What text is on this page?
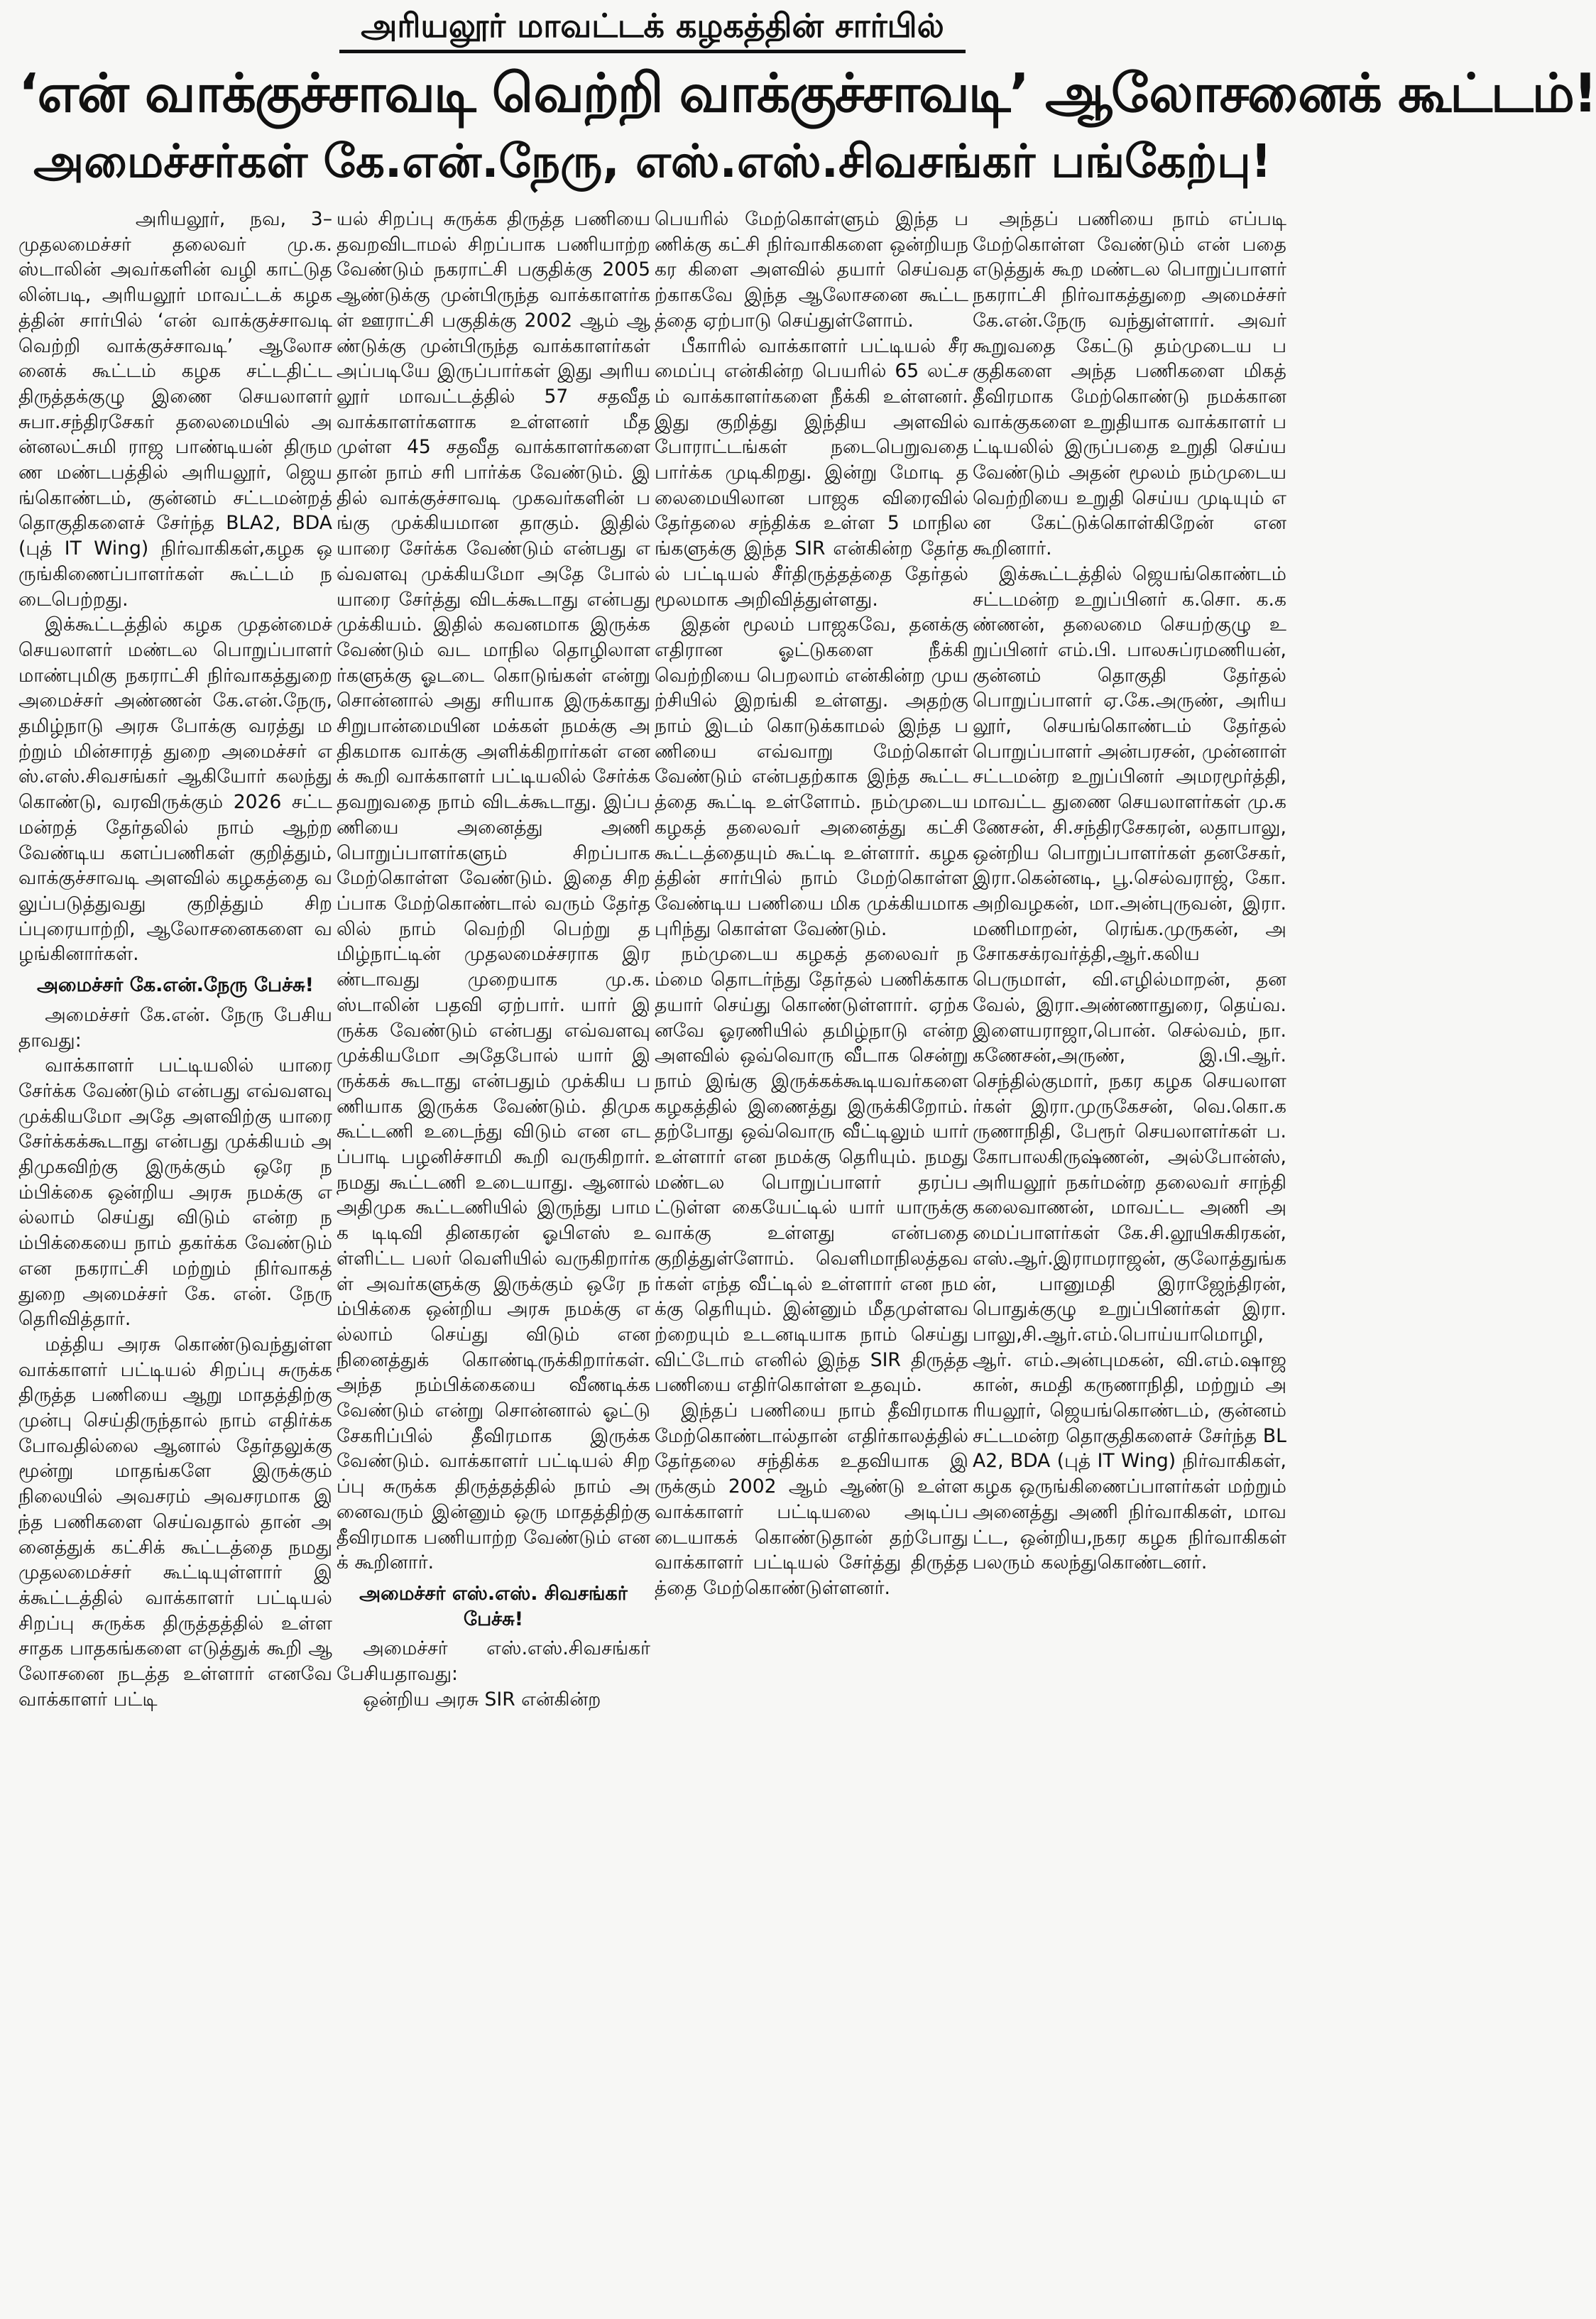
அரியலூர் மாவட்டக் கழகத்தின் சார்பில்
‘என் வாக்குச்சாவடி வெற்றி வாக்குச்சாவடி’ ஆலோசனைக் கூட்டம்!
அமைச்சர்கள் கே.என்.நேரு, எஸ்.எஸ்.சிவசங்கர் பங்கேற்பு!

அரியலூர், நவ, 3– முதலமைச்சர் தலைவர் மு.க.ஸ்டாலின் அவர்களின் வழி காட்டுதலின்படி, அரியலூர் மாவட்டக் கழகத்தின் சார்பில் ‘என் வாக்குச்சாவடி வெற்றி வாக்குச்சாவடி’ ஆலோசனைக் கூட்டம் கழக சட்டதிட்ட திருத்தக்குழு இணை செயலாளர் சுபா.சந்திரசேகர் தலைமையில் அன்னலட்சுமி ராஜ பாண்டியன் திருமண மண்டபத்தில் அரியலூர், ஜெயங்கொண்டம், குன்னம் சட்டமன்றத் தொகுதிகளைச் சேர்ந்த BLA2, BDA (புத் IT Wing) நிர்வாகிகள்,கழக ஒருங்கிணைப்பாளர்கள் கூட்டம் நடைபெற்றது.

இக்கூட்டத்தில் கழக முதன்மைச் செயலாளர் மண்டல பொறுப்பாளர் மாண்புமிகு நகராட்சி நிர்வாகத்துறை அமைச்சர் அண்ணன் கே.என்.நேரு, தமிழ்நாடு அரசு போக்கு வரத்து மற்றும் மின்சாரத் துறை அமைச்சர் எஸ்.எஸ்.சிவசங்கர் ஆகியோர் கலந்து கொண்டு, வரவிருக்கும் 2026 சட்டமன்றத் தேர்தலில் நாம் ஆற்ற வேண்டிய களப்பணிகள் குறித்தும், வாக்குச்சாவடி அளவில் கழகத்தை வலுப்படுத்துவது குறித்தும் சிறப்புரையாற்றி, ஆலோசனைகளை வழங்கினார்கள்.

அமைச்சர் கே.என்.நேரு பேச்சு!

அமைச்சர் கே.என். நேரு பேசியதாவது:

வாக்காளர் பட்டியலில் யாரை சேர்க்க வேண்டும் என்பது எவ்வளவு முக்கியமோ அதே அளவிற்கு யாரை சேர்க்கக்கூடாது என்பது முக்கியம் அதிமுகவிற்கு இருக்கும் ஒரே நம்பிக்கை ஒன்றிய அரசு நமக்கு எல்லாம் செய்து விடும் என்ற நம்பிக்கையை நாம் தகர்க்க வேண்டும் என நகராட்சி மற்றும் நிர்வாகத் துறை அமைச்சர் கே. என். நேரு தெரிவித்தார்.

மத்திய அரசு கொண்டுவந்துள்ள வாக்காளர் பட்டியல் சிறப்பு சுருக்க திருத்த பணியை ஆறு மாதத்திற்கு முன்பு செய்திருந்தால் நாம் எதிர்க்க போவதில்லை ஆனால் தேர்தலுக்கு மூன்று மாதங்களே இருக்கும் நிலையில் அவசரம் அவசரமாக இந்த பணிகளை செய்வதால் தான் அனைத்துக் கட்சிக் கூட்டத்தை நமது முதலமைச்சர் கூட்டியுள்ளார் இக்கூட்டத்தில் வாக்காளர் பட்டியல் சிறப்பு சுருக்க திருத்தத்தில் உள்ள சாதக பாதகங்களை எடுத்துக் கூறி ஆலோசனை நடத்த உள்ளார் எனவே வாக்காளர் பட்டி

யல் சிறப்பு சுருக்க திருத்த பணியை தவறவிடாமல் சிறப்பாக பணியாற்ற வேண்டும் நகராட்சி பகுதிக்கு 2005 ஆண்டுக்கு முன்பிருந்த வாக்காளர்கள் ஊராட்சி பகுதிக்கு 2002 ஆம் ஆண்டுக்கு முன்பிருந்த வாக்காளர்கள் அப்படியே இருப்பார்கள் இது அரியலூர் மாவட்டத்தில் 57 சதவீத வாக்காளர்களாக உள்ளனர் மீதமுள்ள 45 சதவீத வாக்காளர்களை தான் நாம் சரி பார்க்க வேண்டும். இதில் வாக்குச்சாவடி முகவர்களின் பங்கு முக்கியமான தாகும். இதில் யாரை சேர்க்க வேண்டும் என்பது எவ்வளவு முக்கியமோ அதே போல் யாரை சேர்த்து விடக்கூடாது என்பது முக்கியம். இதில் கவனமாக இருக்க வேண்டும் வட மாநில தொழிலாளர்களுக்கு ஓடடை கொடுங்கள் என்று சொன்னால் அது சரியாக இருக்காது சிறுபான்மையின மக்கள் நமக்கு அதிகமாக வாக்கு அளிக்கிறார்கள் எனக் கூறி வாக்காளர் பட்டியலில் சேர்க்க தவறுவதை நாம் விடக்கூடாது. இப்பணியை அனைத்து அணி பொறுப்பாளர்களும் சிறப்பாக மேற்கொள்ள வேண்டும். இதை சிறப்பாக மேற்கொண்டால் வரும் தேர்தலில் நாம் வெற்றி பெற்று தமிழ்நாட்டின் முதலமைச்சராக இரண்டாவது முறையாக மு.க. ஸ்டாலின் பதவி ஏற்பார். யார் இருக்க வேண்டும் என்பது எவ்வளவு முக்கியமோ அதேபோல் யார் இருக்கக் கூடாது என்பதும் முக்கிய பணியாக இருக்க வேண்டும். திமுக கூட்டணி உடைந்து விடும் என எடப்பாடி பழனிச்சாமி கூறி வருகிறார். நமது கூட்டணி உடையாது. ஆனால் அதிமுக கூட்டணியில் இருந்து பாமக டிடிவி தினகரன் ஓபிஎஸ் உள்ளிட்ட பலர் வெளியில் வருகிறார்கள் அவர்களுக்கு இருக்கும் ஒரே நம்பிக்கை ஒன்றிய அரசு நமக்கு எல்லாம் செய்து விடும் என நினைத்துக் கொண்டிருக்கிறார்கள். அந்த நம்பிக்கையை வீணடிக்க வேண்டும் என்று சொன்னால் ஓட்டு சேகரிப்பில் தீவிரமாக இருக்க வேண்டும். வாக்காளர் பட்டியல் சிறப்பு சுருக்க திருத்தத்தில் நாம் அனைவரும் இன்னும் ஒரு மாதத்திற்கு தீவிரமாக பணியாற்ற வேண்டும் எனக் கூறினார்.

அமைச்சர் எஸ்.எஸ். சிவசங்கர் பேச்சு!

அமைச்சர் எஸ்.எஸ்.சிவசங்கர் பேசியதாவது:

ஒன்றிய அரசு SIR என்கின்ற

பெயரில் மேற்கொள்ளும் இந்த பணிக்கு கட்சி நிர்வாகிகளை ஒன்றியநகர கிளை அளவில் தயார் செய்வதற்காகவே இந்த ஆலோசனை கூட்டத்தை ஏற்பாடு செய்துள்ளோம்.

பீகாரில் வாக்காளர் பட்டியல் சீரமைப்பு என்கின்ற பெயரில் 65 லட்சம் வாக்காளர்களை நீக்கி உள்ளனர். இது குறித்து இந்திய அளவில் போராட்டங்கள் நடைபெறுவதை பார்க்க முடிகிறது. இன்று மோடி தலைமையிலான பாஜக விரைவில் தேர்தலை சந்திக்க உள்ள 5 மாநிலங்களுக்கு இந்த SIR என்கின்ற தேர்தல் பட்டியல் சீர்திருத்தத்தை தேர்தல் மூலமாக அறிவித்துள்ளது.

இதன் மூலம் பாஜகவே, தனக்கு எதிரான ஓட்டுகளை நீக்கி வெற்றியை பெறலாம் என்கின்ற முயற்சியில் இறங்கி உள்ளது. அதற்கு நாம் இடம் கொடுக்காமல் இந்த பணியை எவ்வாறு மேற்கொள் வேண்டும் என்பதற்காக இந்த கூட்டத்தை கூட்டி உள்ளோம். நம்முடைய கழகத் தலைவர் அனைத்து கட்சி கூட்டத்தையும் கூட்டி உள்ளார். கழகத்தின் சார்பில் நாம் மேற்கொள்ள வேண்டிய பணியை மிக முக்கியமாக புரிந்து கொள்ள வேண்டும்.

நம்முடைய கழகத் தலைவர் நம்மை தொடர்ந்து தேர்தல் பணிக்காக தயார் செய்து கொண்டுள்ளார். ஏற்கனவே ஓரணியில் தமிழ்நாடு என்ற அளவில் ஒவ்வொரு வீடாக சென்று நாம் இங்கு இருக்கக்கூடியவர்களை கழகத்தில் இணைத்து இருக்கிறோம். தற்போது ஒவ்வொரு வீட்டிலும் யார் உள்ளார் என நமக்கு தெரியும். நமது மண்டல பொறுப்பாளர் தரப்பட்டுள்ள கையேட்டில் யார் யாருக்கு வாக்கு உள்ளது என்பதை குறித்துள்ளோம். வெளிமாநிலத்தவர்கள் எந்த வீட்டில் உள்ளார் என நமக்கு தெரியும். இன்னும் மீதமுள்ளவற்றையும் உடனடியாக நாம் செய்து விட்டோம் எனில் இந்த SIR திருத்த பணியை எதிர்கொள்ள உதவும்.

இந்தப் பணியை நாம் தீவிரமாக மேற்கொண்டால்தான் எதிர்காலத்தில் தேர்தலை சந்திக்க உதவியாக இருக்கும் 2002 ஆம் ஆண்டு உள்ள வாக்காளர் பட்டியலை அடிப்படையாகக் கொண்டுதான் தற்போது வாக்காளர் பட்டியல் சேர்த்து திருத்தத்தை மேற்கொண்டுள்ளனர்.

அந்தப் பணியை நாம் எப்படி மேற்கொள்ள வேண்டும் என் பதை எடுத்துக் கூற மண்டல பொறுப்பாளர் நகராட்சி நிர்வாகத்துறை அமைச்சர் கே.என்.நேரு வந்துள்ளார். அவர் கூறுவதை கேட்டு தம்முடைய பகுதிகளை அந்த பணிகளை மிகத் தீவிரமாக மேற்கொண்டு நமக்கான வாக்குகளை உறுதியாக வாக்காளர் பட்டியலில் இருப்பதை உறுதி செய்ய வேண்டும் அதன் மூலம் நம்முடைய வெற்றியை உறுதி செய்ய முடியும் என கேட்டுக்கொள்கிறேன் என கூறினார்.

இக்கூட்டத்தில் ஜெயங்கொண்டம் சட்டமன்ற உறுப்பினர் க.சொ. க.கண்ணன், தலைமை செயற்குழு உறுப்பினர் எம்.பி. பாலசுப்ரமணியன், குன்னம் தொகுதி தேர்தல் பொறுப்பாளர் ஏ.கே.அருண், அரியலூர், செயங்கொண்டம் தேர்தல் பொறுப்பாளர் அன்பரசன், முன்னாள் சட்டமன்ற உறுப்பினர் அமரமூர்த்தி, மாவட்ட துணை செயலாளர்கள் மு.கணேசன், சி.சந்திரசேகரன், லதாபாலு, ஒன்றிய பொறுப்பாளர்கள் தனசேகர், இரா.கென்னடி, பூ.செல்வராஜ், கோ.அறிவழகன், மா.அன்புருவன், இரா.மணிமாறன், ரெங்க.முருகன், அசோகசக்ரவர்த்தி,ஆர்.கலியபெருமாள், வி.எழில்மாறன், தனவேல், இரா.அண்ணாதுரை, தெய்வ. இளையராஜா,பொன். செல்வம், நா.கணேசன்,அருண், இ.பி.ஆர்.செந்தில்குமார், நகர கழக செயலாளர்கள் இரா.முருகேசன், வெ.கொ.கருணாநிதி, பேரூர் செயலாளர்கள் ப.கோபாலகிருஷ்ணன், அல்போன்ஸ், அரியலூர் நகர்மன்ற தலைவர் சாந்தி கலைவாணன், மாவட்ட அணி அமைப்பாளர்கள் கே.சி.லூயிசுகிரகன், எஸ்.ஆர்.இராமராஜன், குலோத்துங்கன், பானுமதி இராஜேந்திரன், பொதுக்குழு உறுப்பினர்கள் இரா.பாலு,சி.ஆர்.எம்.பொய்யாமொழி, ஆர். எம்.அன்புமகன், வி.எம்.ஷாஜகான், சுமதி கருணாநிதி, மற்றும் அரியலூர், ஜெயங்கொண்டம், குன்னம் சட்டமன்ற தொகுதிகளைச் சேர்ந்த BLA2, BDA (புத் IT Wing) நிர்வாகிகள்,கழக ஒருங்கிணைப்பாளர்கள் மற்றும் அனைத்து அணி நிர்வாகிகள், மாவட்ட, ஒன்றிய,நகர கழக நிர்வாகிகள் பலரும் கலந்துகொண்டனர்.
